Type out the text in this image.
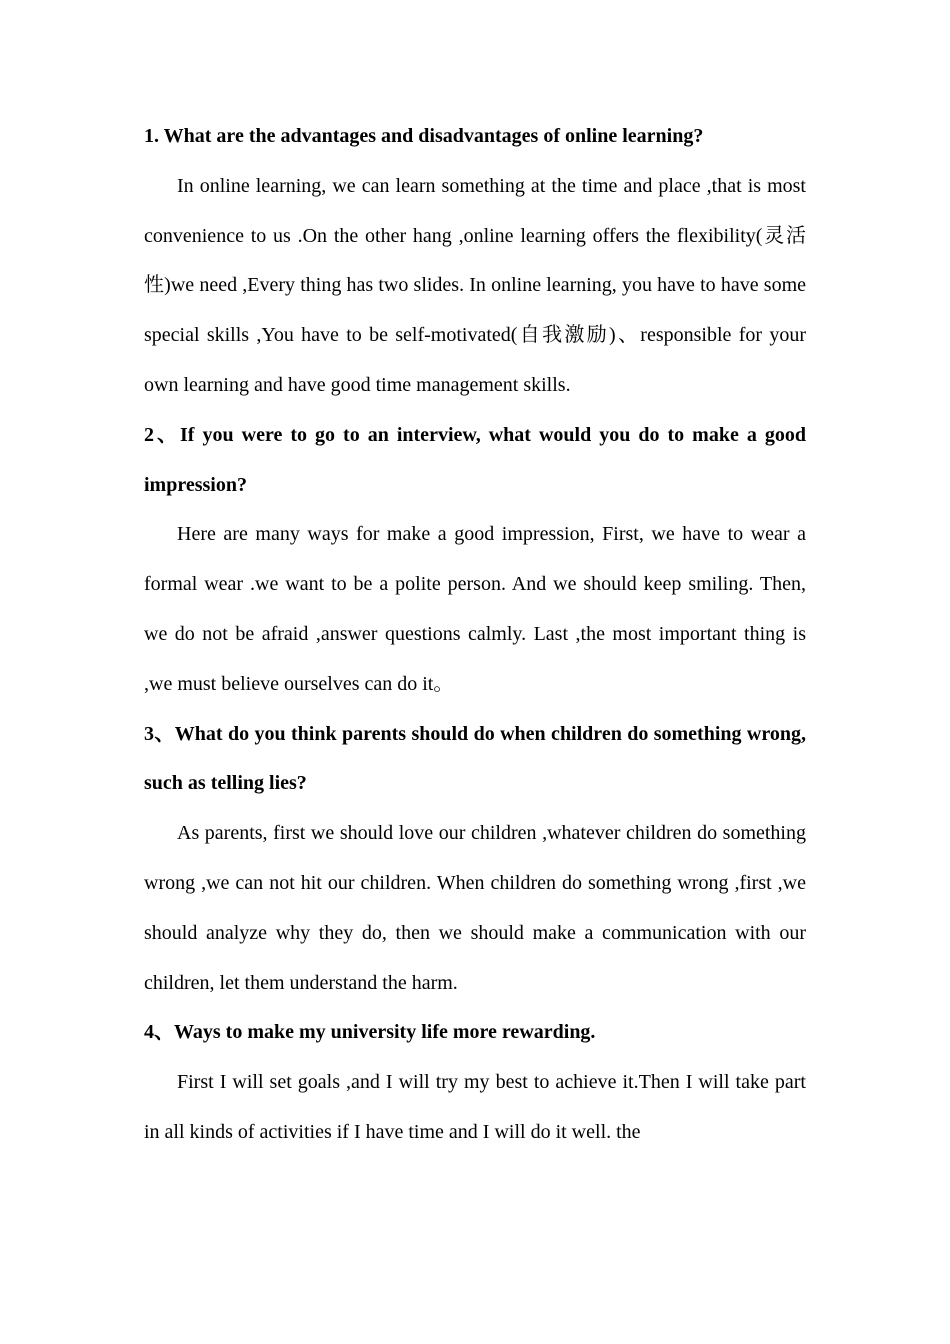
1. What are the advantages and disadvantages of online learning?

In online learning, we can learn something at the time and place ,that is most convenience to us .On the other hang ,online learning offers the flexibility(灵活性)we need ,Every thing has two slides. In online learning, you have to have some special skills ,You have to be self-motivated(自我激励)、responsible for your own learning and have good time management skills.

2、If you were to go to an interview, what would you do to make a good impression?

Here are many ways for make a good impression, First, we have to wear a formal wear .we want to be a polite person. And we should keep smiling. Then, we do not be afraid ,answer questions calmly. Last ,the most important thing is ,we must believe ourselves can do it。

3、What do you think parents should do when children do something wrong, such as telling lies?

As parents, first we should love our children ,whatever children do something wrong ,we can not hit our children. When children do something wrong ,first ,we should analyze why they do, then we should make a communication with our children, let them understand the harm.

4、Ways to make my university life more rewarding.

First I will set goals ,and I will try my best to achieve it.Then I will take part in all kinds of activities if I have time and I will do it well. the
